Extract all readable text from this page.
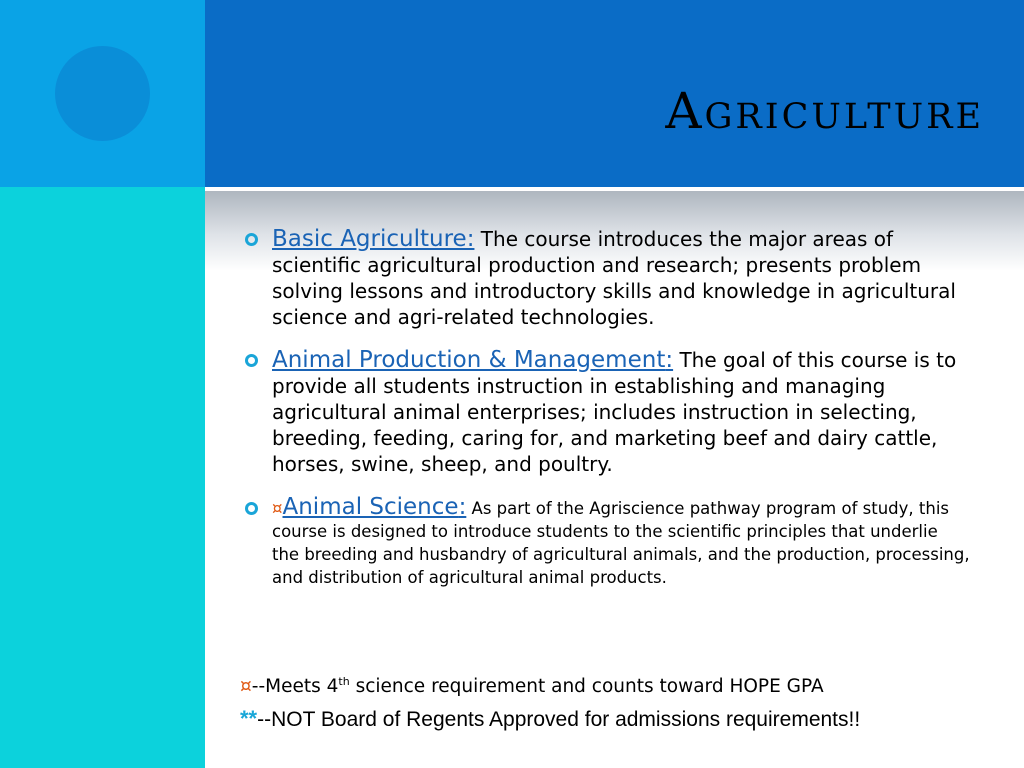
Agriculture
Basic Agriculture: The course introduces the major areas of scientific agricultural production and research; presents problem solving lessons and introductory skills and knowledge in agricultural science and agri-related technologies.
Animal Production & Management: The goal of this course is to provide all students instruction in establishing and managing agricultural animal enterprises; includes instruction in selecting, breeding, feeding, caring for, and marketing beef and dairy cattle, horses, swine, sheep, and poultry.
¤Animal Science: As part of the Agriscience pathway program of study, this course is designed to introduce students to the scientific principles that underlie the breeding and husbandry of agricultural animals, and the production, processing, and distribution of agricultural animal products.
¤--Meets 4th science requirement and counts toward HOPE GPA
**--NOT Board of Regents Approved for admissions requirements!!
